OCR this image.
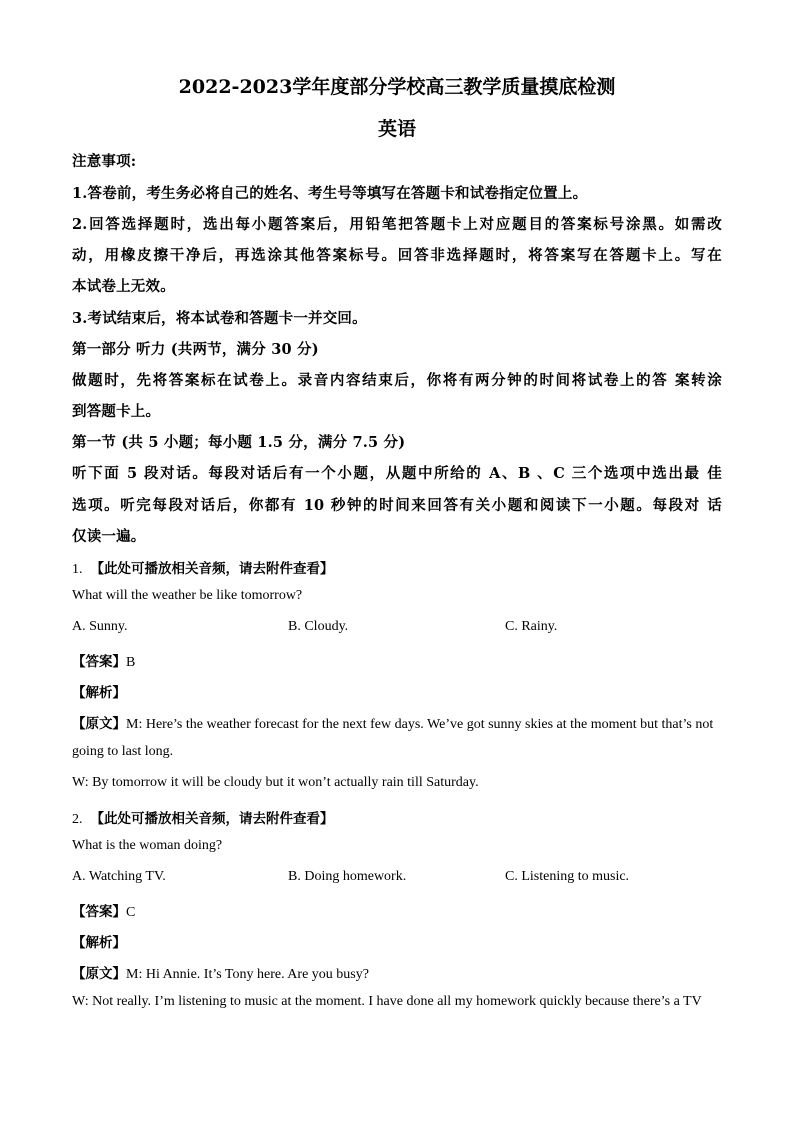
2022-2023学年度部分学校高三教学质量摸底检测
英语
注意事项:
1.答卷前，考生务必将自己的姓名、考生号等填写在答题卡和试卷指定位置上。
2.回答选择题时，选出每小题答案后，用铅笔把答题卡上对应题目的答案标号涂黑。如需改
动，用橡皮擦干净后，再选涂其他答案标号。回答非选择题时，将答案写在答题卡上。写在
本试卷上无效。
3.考试结束后，将本试卷和答题卡一并交回。
第一部分 听力 (共两节，满分 30 分)
做题时，先将答案标在试卷上。录音内容结束后，你将有两分钟的时间将试卷上的答 案转涂
到答题卡上。
第一节 (共 5 小题；每小题 1.5 分，满分 7.5 分)
听下面 5 段对话。每段对话后有一个小题，从题中所给的 A、B 、C 三个选项中选出最 佳
选项。听完每段对话后，你都有 10 秒钟的时间来回答有关小题和阅读下一小题。每段对 话
仅读一遍。
1. 【此处可播放相关音频，请去附件查看】
What will the weather be like tomorrow?
A. Sunny.	B. Cloudy.	C. Rainy.
【答案】B
【解析】
【原文】M: Here’s the weather forecast for the next few days. We’ve got sunny skies at the moment but that’s not
going to last long.
W: By tomorrow it will be cloudy but it won’t actually rain till Saturday.
2. 【此处可播放相关音频，请去附件查看】
What is the woman doing?
A. Watching TV.	B. Doing homework.	C. Listening to music.
【答案】C
【解析】
【原文】M: Hi Annie. It’s Tony here. Are you busy?
W: Not really. I’m listening to music at the moment. I have done all my homework quickly because there’s a TV
